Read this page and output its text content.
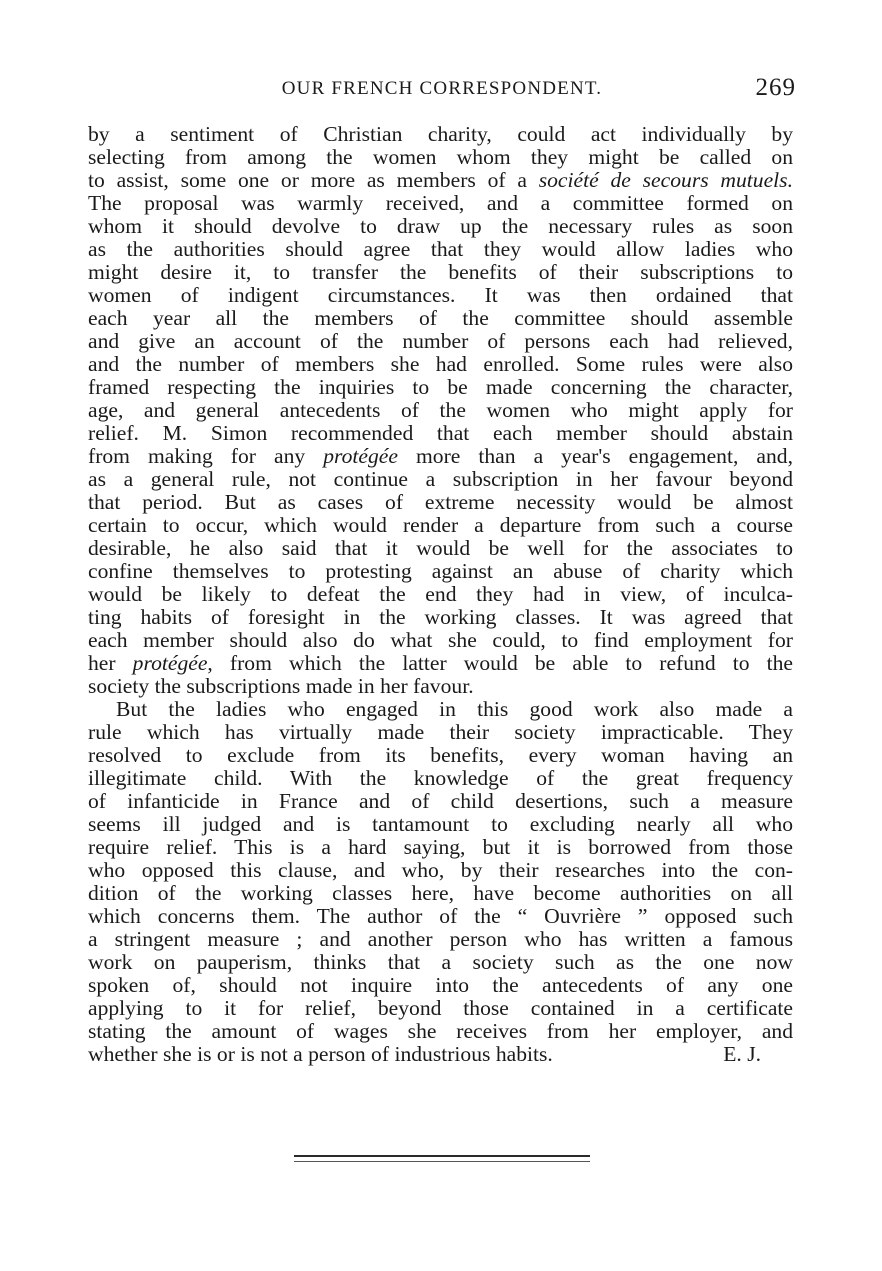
OUR FRENCH CORRESPONDENT.	269
by a sentiment of Christian charity, could act individually by
selecting from among the women whom they might be called on
to assist, some one or more as members of a société de secours mutuels.
The proposal was warmly received, and a committee formed on
whom it should devolve to draw up the necessary rules as soon
as the authorities should agree that they would allow ladies who
might desire it, to transfer the benefits of their subscriptions to
women of indigent circumstances. It was then ordained that
each year all the members of the committee should assemble
and give an account of the number of persons each had relieved,
and the number of members she had enrolled. Some rules were also
framed respecting the inquiries to be made concerning the character,
age, and general antecedents of the women who might apply for
relief. M. Simon recommended that each member should abstain
from making for any protégée more than a year's engagement, and,
as a general rule, not continue a subscription in her favour beyond
that period. But as cases of extreme necessity would be almost
certain to occur, which would render a departure from such a course
desirable, he also said that it would be well for the associates to
confine themselves to protesting against an abuse of charity which
would be likely to defeat the end they had in view, of inculca-
ting habits of foresight in the working classes. It was agreed that
each member should also do what she could, to find employment for
her protégée, from which the latter would be able to refund to the
society the subscriptions made in her favour.
But the ladies who engaged in this good work also made a
rule which has virtually made their society impracticable. They
resolved to exclude from its benefits, every woman having an
illegitimate child. With the knowledge of the great frequency
of infanticide in France and of child desertions, such a measure
seems ill judged and is tantamount to excluding nearly all who
require relief. This is a hard saying, but it is borrowed from those
who opposed this clause, and who, by their researches into the con-
dition of the working classes here, have become authorities on all
which concerns them. The author of the “ Ouvrière ” opposed such
a stringent measure ; and another person who has written a famous
work on pauperism, thinks that a society such as the one now
spoken of, should not inquire into the antecedents of any one
applying to it for relief, beyond those contained in a certificate
stating the amount of wages she receives from her employer, and
whether she is or is not a person of industrious habits.	E. J.
